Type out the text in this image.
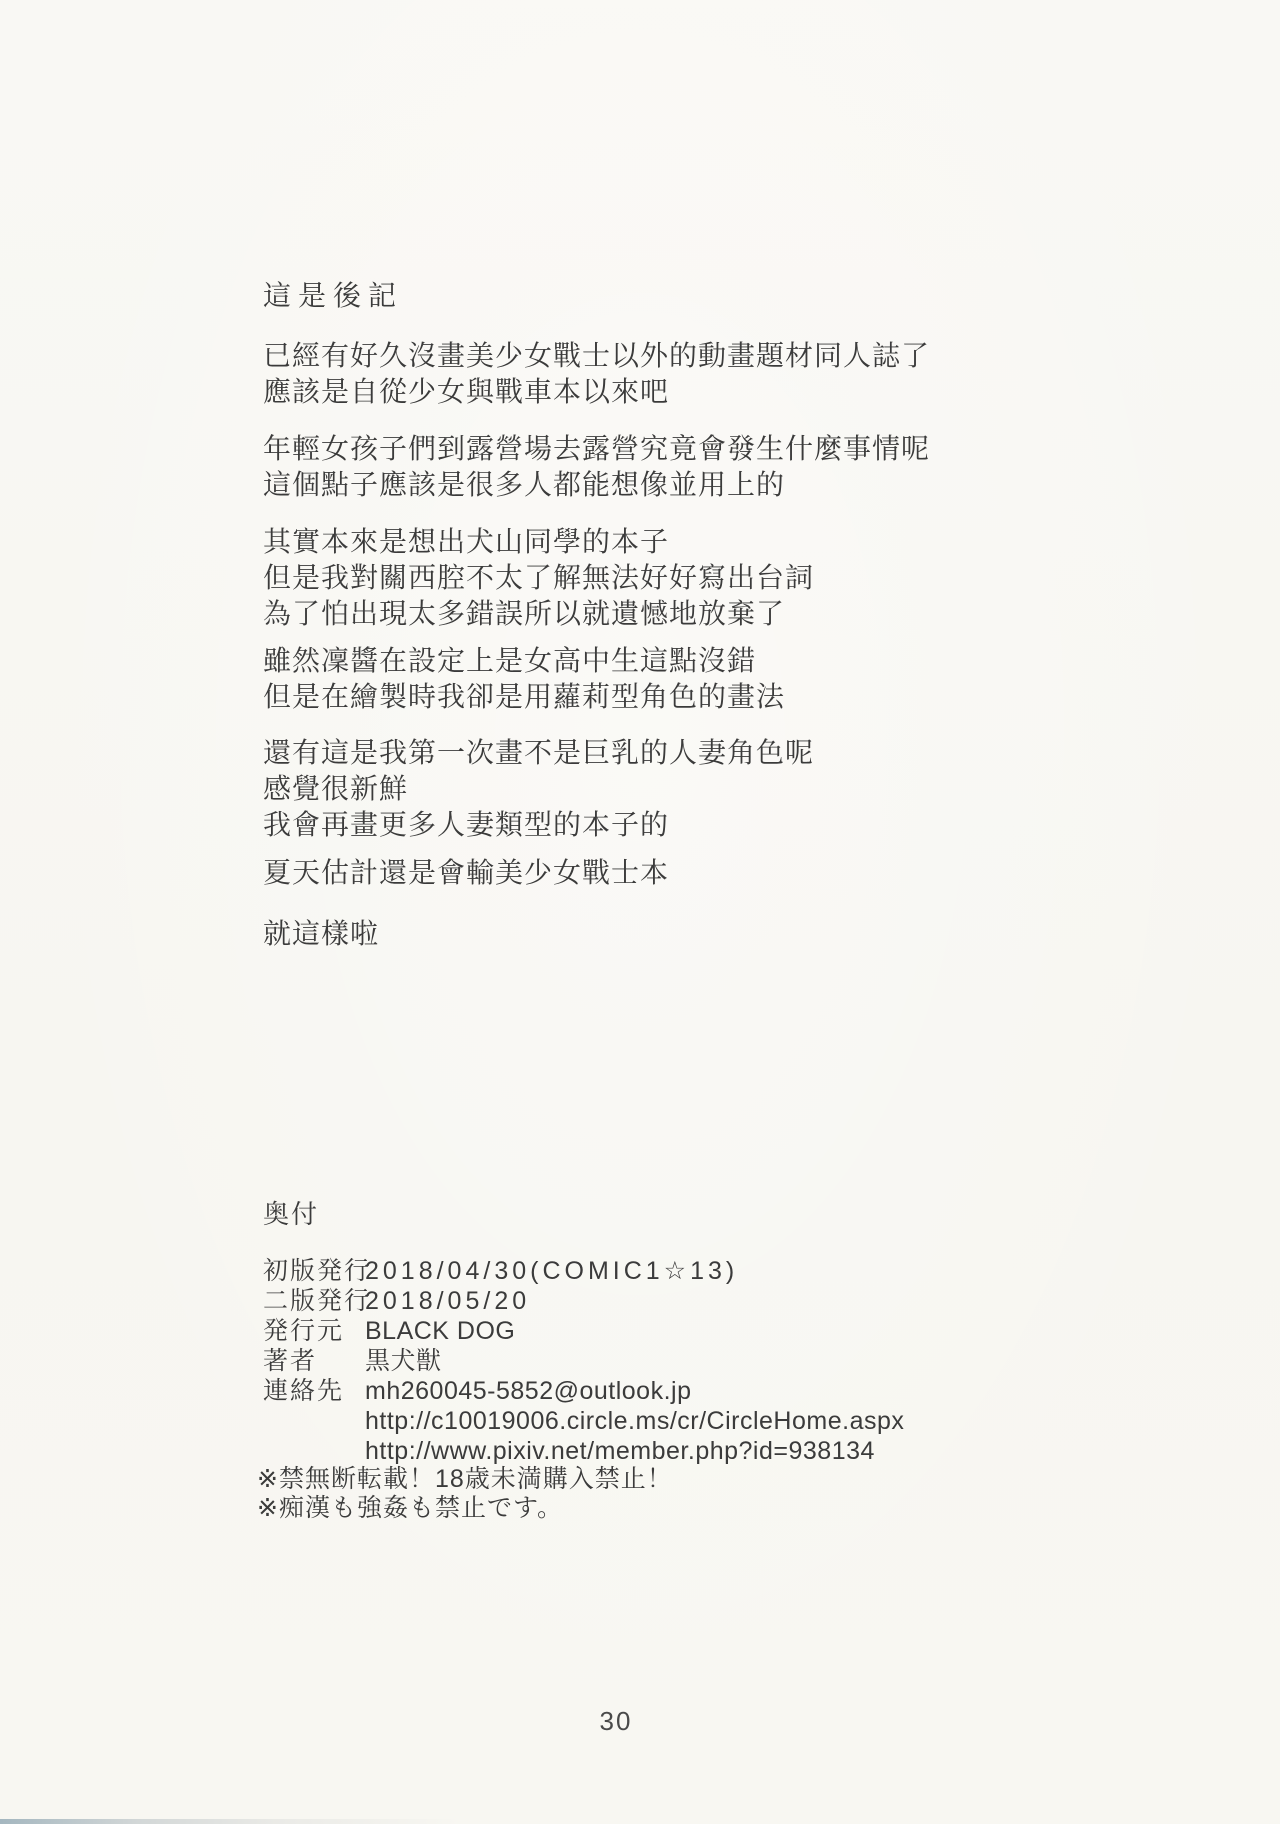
這是後記
已經有好久沒畫美少女戰士以外的動畫題材同人誌了
應該是自從少女與戰車本以來吧
年輕女孩子們到露營場去露營究竟會發生什麼事情呢
這個點子應該是很多人都能想像並用上的
其實本來是想出犬山同學的本子
但是我對關西腔不太了解無法好好寫出台詞
為了怕出現太多錯誤所以就遺憾地放棄了
雖然凜醬在設定上是女高中生這點沒錯
但是在繪製時我卻是用蘿莉型角色的畫法
還有這是我第一次畫不是巨乳的人妻角色呢
感覺很新鮮
我會再畫更多人妻類型的本子的
夏天估計還是會輸美少女戰士本
就這樣啦
奥付
初版発行
2018/04/30(COMIC1☆13)
二版発行
2018/05/20
発行元 BLACK DOG
著者	黒犬獣
連絡先 mh260045-5852@outlook.jp
http://c10019006.circle.ms/cr/CircleHome.aspx
http://www.pixiv.net/member.php?id=938134
※禁無断転載！18歳未満購入禁止！
※痴漢も強姦も禁止です。
30
